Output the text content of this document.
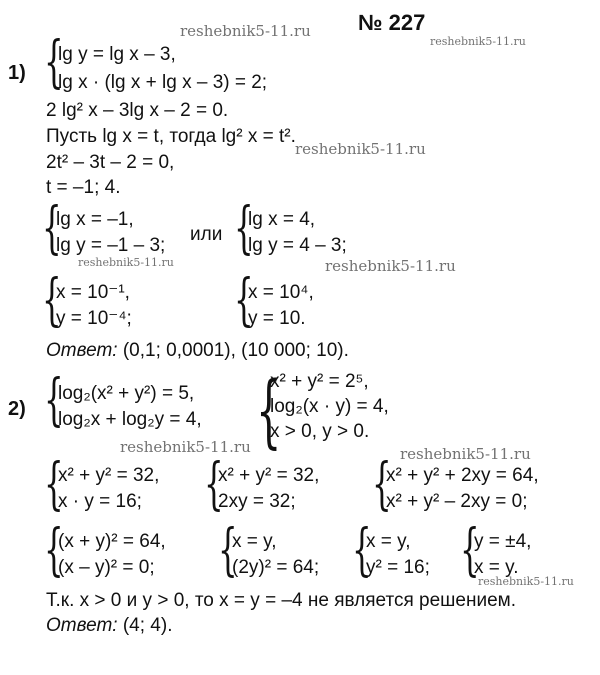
№ 227
reshebnik5-11.ru
reshebnik5-11.ru
1) {
lg y = lg x – 3,
lg x · (lg x + lg x – 3) = 2;
2 lg² x – 3lg x – 2 = 0.
Пусть lg x = t, тогда lg² x = t².
reshebnik5-11.ru
2t² – 3t – 2 = 0,
t = –1; 4.
{
lg x = –1,
lg y = –1 – 3;
или {
lg x = 4,
lg y = 4 – 3;
reshebnik5-11.ru	reshebnik5-11.ru
{
x = 10⁻¹,
y = 10⁻⁴; {
x = 10⁴,
y = 10.
Ответ: (0,1; 0,0001), (10 000; 10).
2) {
log₂(x² + y²) = 5,
log₂x + log₂y = 4, {
x² + y² = 2⁵,
log₂(x · y) = 4,
x > 0, y > 0.
reshebnik5-11.ru	reshebnik5-11.ru
{
x² + y² = 32,
x · y = 16; {
x² + y² = 32,
2xy = 32; {
x² + y² + 2xy = 64,
x² + y² – 2xy = 0;
{
(x + y)² = 64,
(x – y)² = 0; {
x = y,
(2y)² = 64; {
x = y,
y² = 16; {
y = ±4,
x = y.
reshebnik5-11.ru
Т.к. x > 0 и y > 0, то x = y = –4 не является решением.
Ответ: (4; 4).
